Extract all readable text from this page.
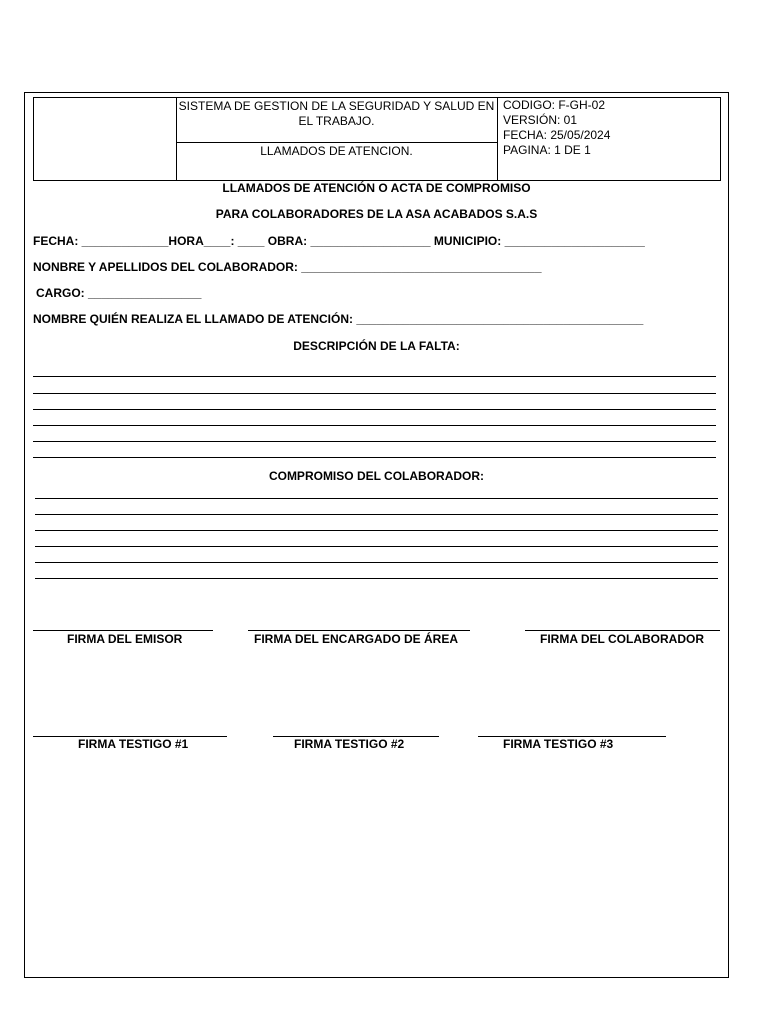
SISTEMA DE GESTION DE LA SEGURIDAD Y SALUD EN EL TRABAJO.
LLAMADOS DE ATENCION.
CODIGO: F-GH-02
VERSIÓN: 01
FECHA: 25/05/2024
PAGINA: 1 DE 1
LLAMADOS DE ATENCIÓN O ACTA DE COMPROMISO
PARA COLABORADORES DE LA ASA ACABADOS S.A.S
FECHA: _____________HORA____: ____ OBRA: __________________ MUNICIPIO: _____________________
NONBRE Y APELLIDOS DEL COLABORADOR: ____________________________________
CARGO: _________________
NOMBRE QUIÉN REALIZA EL LLAMADO DE ATENCIÓN: ___________________________________________
DESCRIPCIÓN DE LA FALTA:
COMPROMISO DEL COLABORADOR:
FIRMA DEL EMISOR	FIRMA DEL ENCARGADO DE ÁREA	FIRMA DEL COLABORADOR
FIRMA TESTIGO #1	FIRMA TESTIGO #2	FIRMA TESTIGO #3
